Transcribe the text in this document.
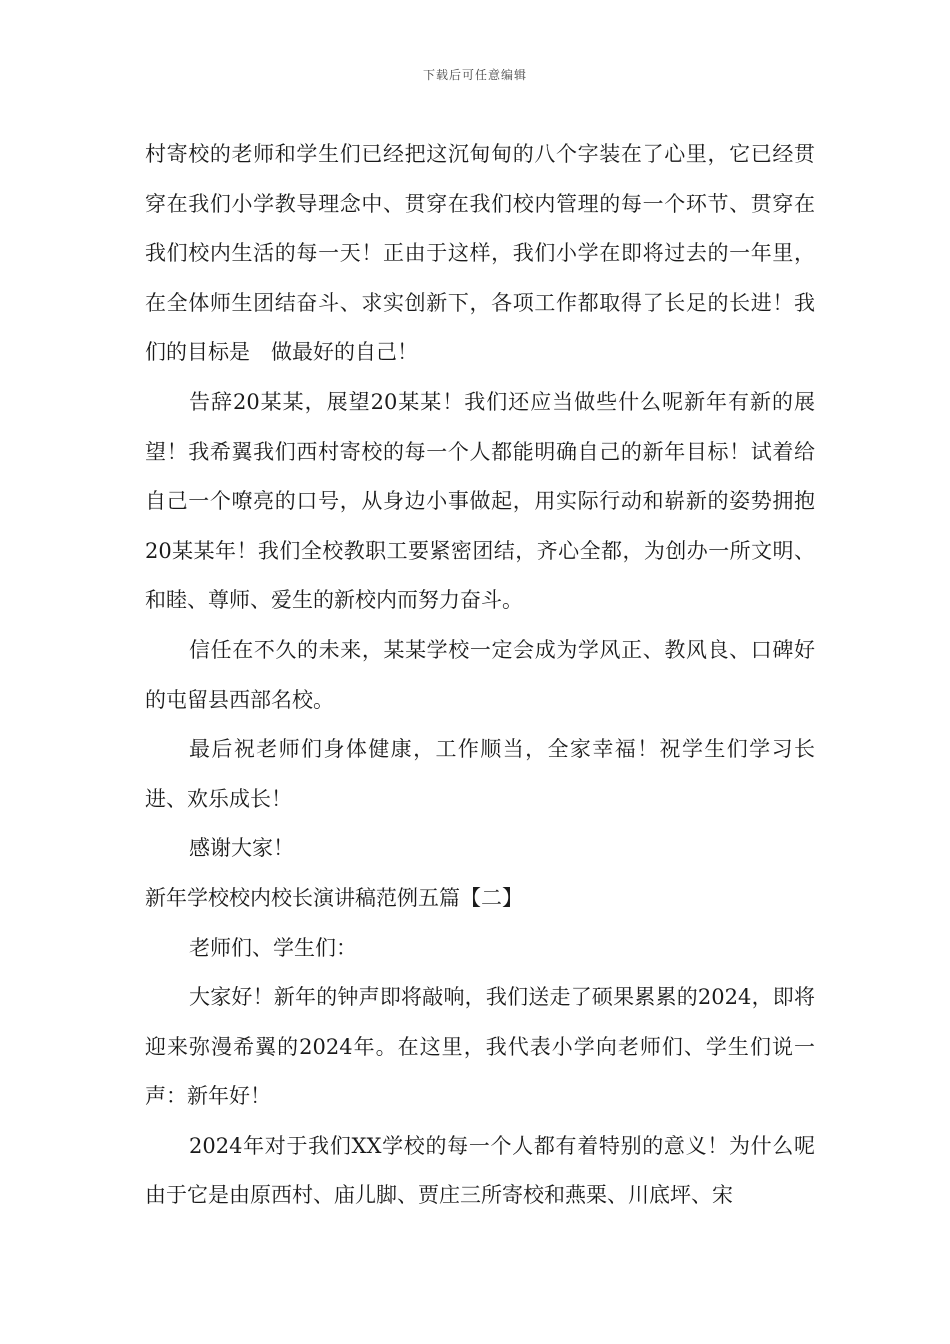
下载后可任意编辑

村寄校的老师和学生们已经把这沉甸甸的八个字装在了心里，它已经贯穿在我们小学教导理念中、贯穿在我们校内管理的每一个环节、贯穿在我们校内生活的每一天！正由于这样，我们小学在即将过去的一年里，在全体师生团结奋斗、求实创新下，各项工作都取得了长足的长进！我们的目标是　做最好的自己！

告辞20某某，展望20某某！我们还应当做些什么呢新年有新的展望！我希翼我们西村寄校的每一个人都能明确自己的新年目标！试着给自己一个嘹亮的口号，从身边小事做起，用实际行动和崭新的姿势拥抱20某某年！我们全校教职工要紧密团结，齐心全都，为创办一所文明、和睦、尊师、爱生的新校内而努力奋斗。

信任在不久的未来，某某学校一定会成为学风正、教风良、口碑好的屯留县西部名校。

最后祝老师们身体健康，工作顺当，全家幸福！祝学生们学习长进、欢乐成长！

感谢大家！

新年学校校内校长演讲稿范例五篇【二】

老师们、学生们：

大家好！新年的钟声即将敲响，我们送走了硕果累累的2024，即将迎来弥漫希翼的2024年。在这里，我代表小学向老师们、学生们说一声：新年好！

2024年对于我们XX学校的每一个人都有着特别的意义！为什么呢由于它是由原西村、庙儿脚、贾庄三所寄校和燕栗、川底坪、宋
